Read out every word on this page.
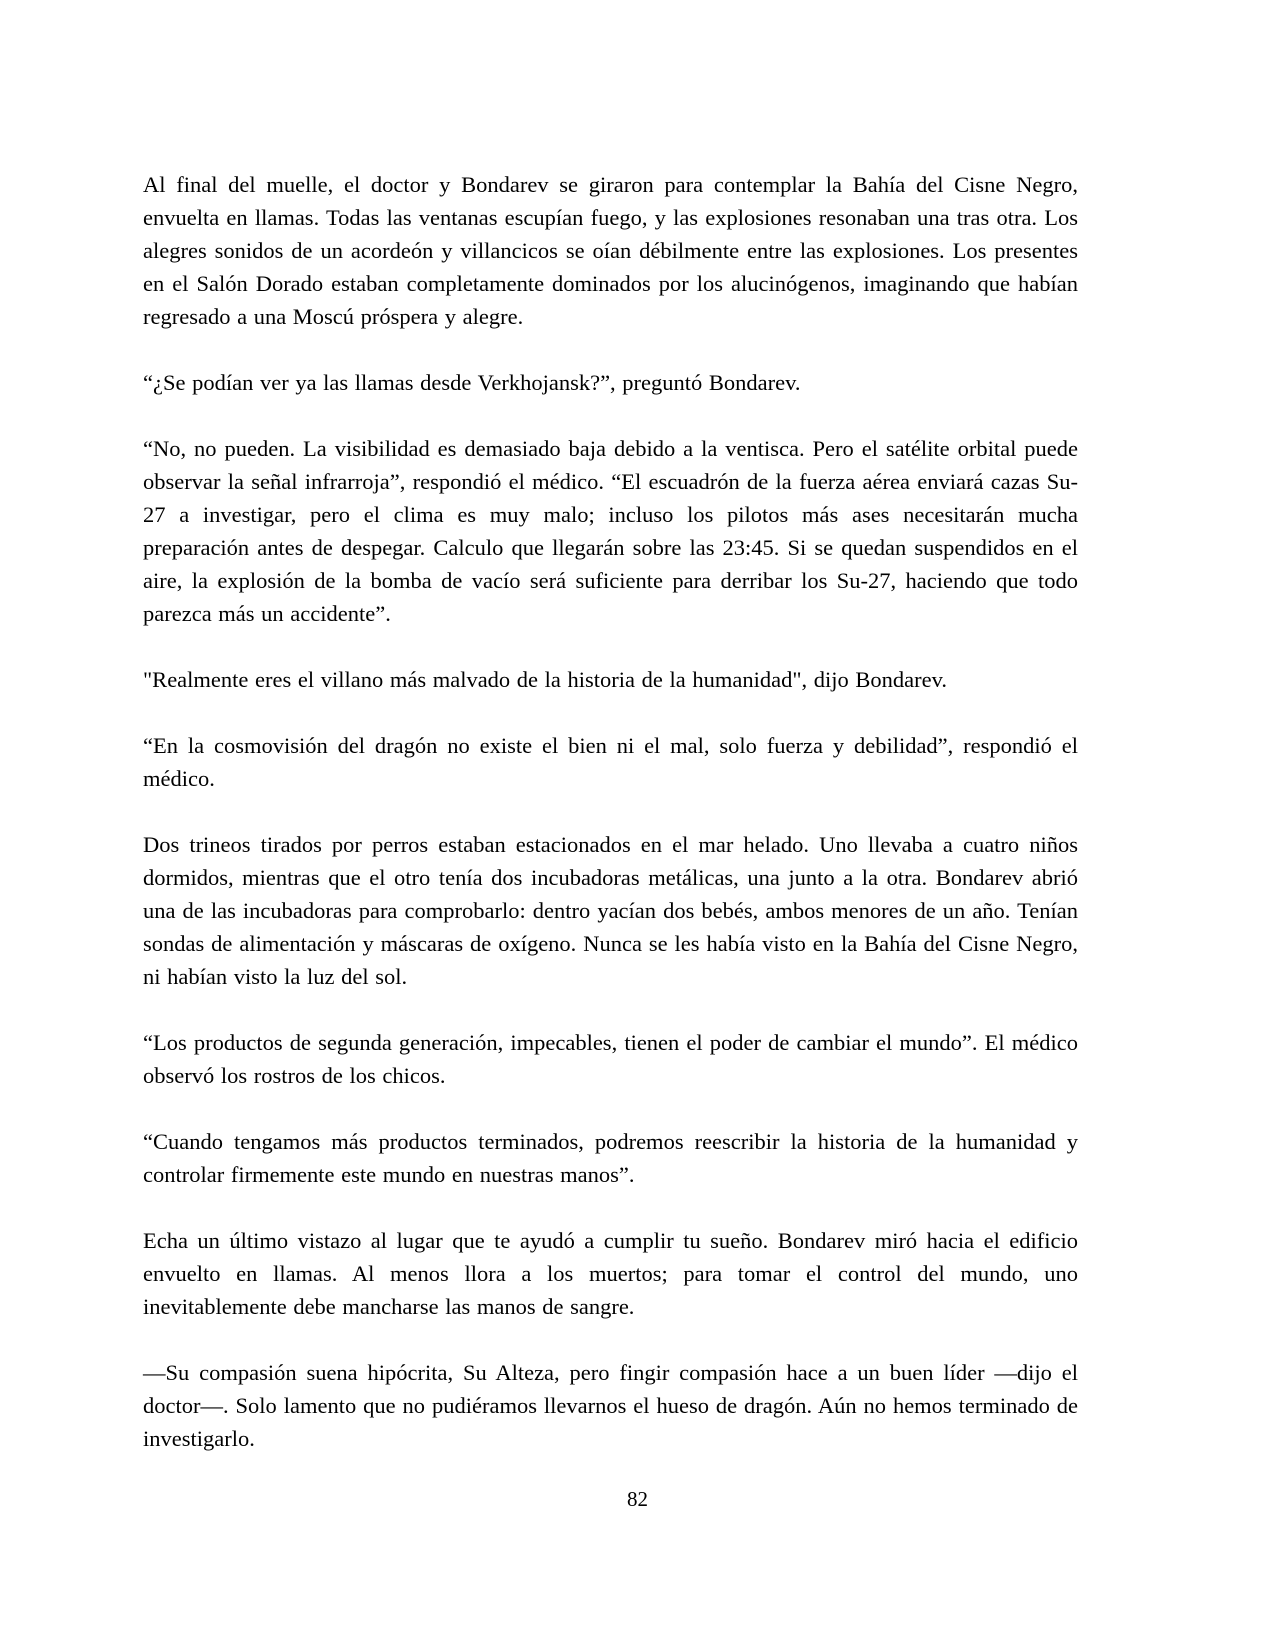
Al final del muelle, el doctor y Bondarev se giraron para contemplar la Bahía del Cisne Negro, envuelta en llamas. Todas las ventanas escupían fuego, y las explosiones resonaban una tras otra. Los alegres sonidos de un acordeón y villancicos se oían débilmente entre las explosiones. Los presentes en el Salón Dorado estaban completamente dominados por los alucinógenos, imaginando que habían regresado a una Moscú próspera y alegre.

“¿Se podían ver ya las llamas desde Verkhojansk?”, preguntó Bondarev.

“No, no pueden. La visibilidad es demasiado baja debido a la ventisca. Pero el satélite orbital puede observar la señal infrarroja”, respondió el médico. “El escuadrón de la fuerza aérea enviará cazas Su-27 a investigar, pero el clima es muy malo; incluso los pilotos más ases necesitarán mucha preparación antes de despegar. Calculo que llegarán sobre las 23:45. Si se quedan suspendidos en el aire, la explosión de la bomba de vacío será suficiente para derribar los Su-27, haciendo que todo parezca más un accidente”.

"Realmente eres el villano más malvado de la historia de la humanidad", dijo Bondarev.

“En la cosmovisión del dragón no existe el bien ni el mal, solo fuerza y debilidad”, respondió el médico.

Dos trineos tirados por perros estaban estacionados en el mar helado. Uno llevaba a cuatro niños dormidos, mientras que el otro tenía dos incubadoras metálicas, una junto a la otra. Bondarev abrió una de las incubadoras para comprobarlo: dentro yacían dos bebés, ambos menores de un año. Tenían sondas de alimentación y máscaras de oxígeno. Nunca se les había visto en la Bahía del Cisne Negro, ni habían visto la luz del sol.

“Los productos de segunda generación, impecables, tienen el poder de cambiar el mundo”. El médico observó los rostros de los chicos.

“Cuando tengamos más productos terminados, podremos reescribir la historia de la humanidad y controlar firmemente este mundo en nuestras manos”.

Echa un último vistazo al lugar que te ayudó a cumplir tu sueño. Bondarev miró hacia el edificio envuelto en llamas. Al menos llora a los muertos; para tomar el control del mundo, uno inevitablemente debe mancharse las manos de sangre.

—Su compasión suena hipócrita, Su Alteza, pero fingir compasión hace a un buen líder —dijo el doctor—. Solo lamento que no pudiéramos llevarnos el hueso de dragón. Aún no hemos terminado de investigarlo.

82
